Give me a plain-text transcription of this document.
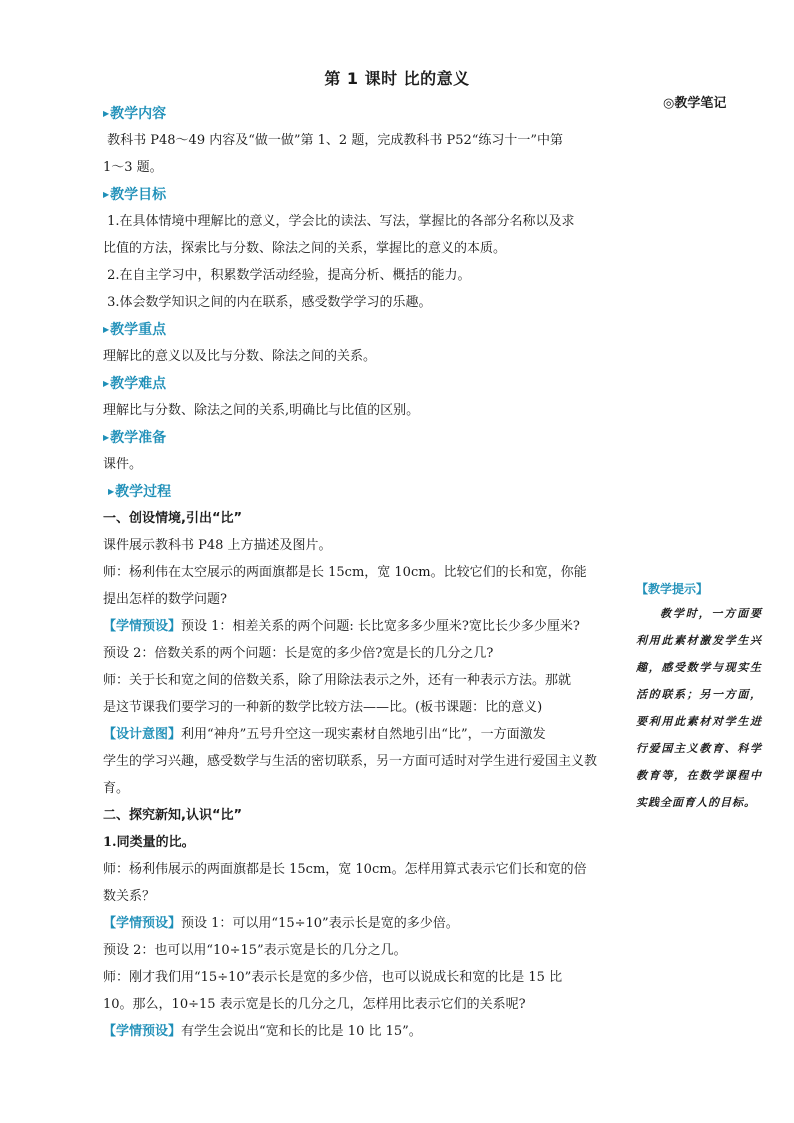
第 1 课时 比的意义
◎教学笔记
▶教学内容
教科书 P48～49 内容及“做一做”第 1、2 题，完成教科书 P52“练习十一”中第
1～3 题。
▶教学目标
1.在具体情境中理解比的意义，学会比的读法、写法，掌握比的各部分名称以及求
比值的方法，探索比与分数、除法之间的关系，掌握比的意义的本质。
2.在自主学习中，积累数学活动经验，提高分析、概括的能力。
3.体会数学知识之间的内在联系，感受数学学习的乐趣。
▶教学重点
理解比的意义以及比与分数、除法之间的关系。
▶教学难点
理解比与分数、除法之间的关系,明确比与比值的区别。
▶教学准备
课件。
▶教学过程
一、创设情境,引出“比”
课件展示教科书 P48 上方描述及图片。
师：杨利伟在太空展示的两面旗都是长 15cm，宽 10cm。比较它们的长和宽，你能
提出怎样的数学问题?
【学情预设】预设 1：相差关系的两个问题: 长比宽多多少厘米?宽比长少多少厘米?
预设 2：倍数关系的两个问题：长是宽的多少倍?宽是长的几分之几?
师：关于长和宽之间的倍数关系，除了用除法表示之外，还有一种表示方法。那就
是这节课我们要学习的一种新的数学比较方法——比。(板书课题：比的意义)
【设计意图】利用“神舟”五号升空这一现实素材自然地引出“比”，一方面激发
学生的学习兴趣，感受数学与生活的密切联系，另一方面可适时对学生进行爱国主义教
育。
二、探究新知,认识“比”
1.同类量的比。
师：杨利伟展示的两面旗都是长 15cm，宽 10cm。怎样用算式表示它们长和宽的倍
数关系？
【学情预设】预设 1：可以用“15÷10”表示长是宽的多少倍。
预设 2：也可以用“10÷15”表示宽是长的几分之几。
师：刚才我们用“15÷10”表示长是宽的多少倍，也可以说成长和宽的比是 15 比
10。那么，10÷15 表示宽是长的几分之几，怎样用比表示它们的关系呢?
【学情预设】有学生会说出“宽和长的比是 10 比 15”。
【教学提示】
教学时，一方面要利用此素材激发学生兴趣，感受数学与现实生活的联系；另一方面，要利用此素材对学生进行爱国主义教育、科学教育等，在数学课程中实践全面育人的目标。
